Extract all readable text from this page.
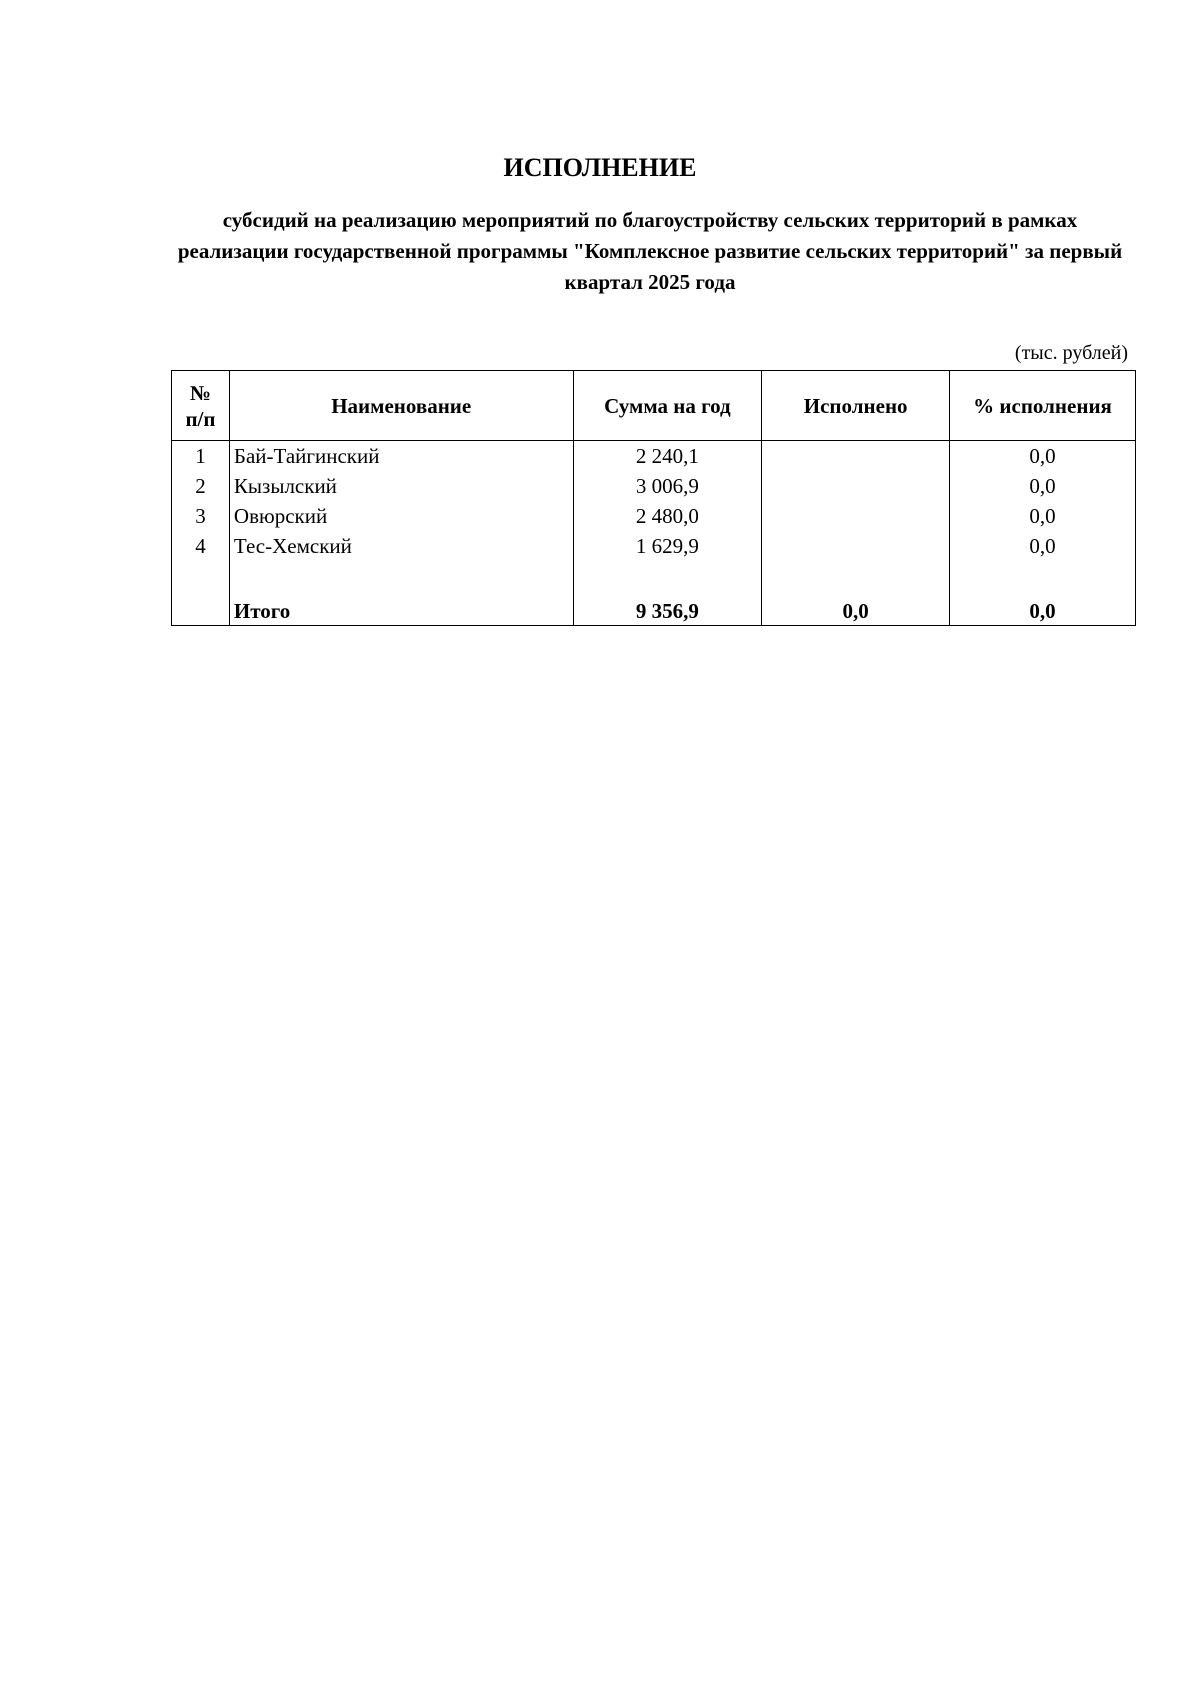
ИСПОЛНЕНИЕ
субсидий на реализацию мероприятий по благоустройству сельских территорий в рамках реализации государственной программы "Комплексное развитие сельских территорий" за первый квартал 2025 года
(тыс. рублей)
№
п/п	Наименование	Сумма на год	Исполнено	% исполнения
1	Бай-Тайгинский	2 240,1		0,0
2	Кызылский	3 006,9		0,0
3	Овюрский	2 480,0		0,0
4	Тес-Хемский	1 629,9		0,0

	Итого	9 356,9	0,0	0,0
